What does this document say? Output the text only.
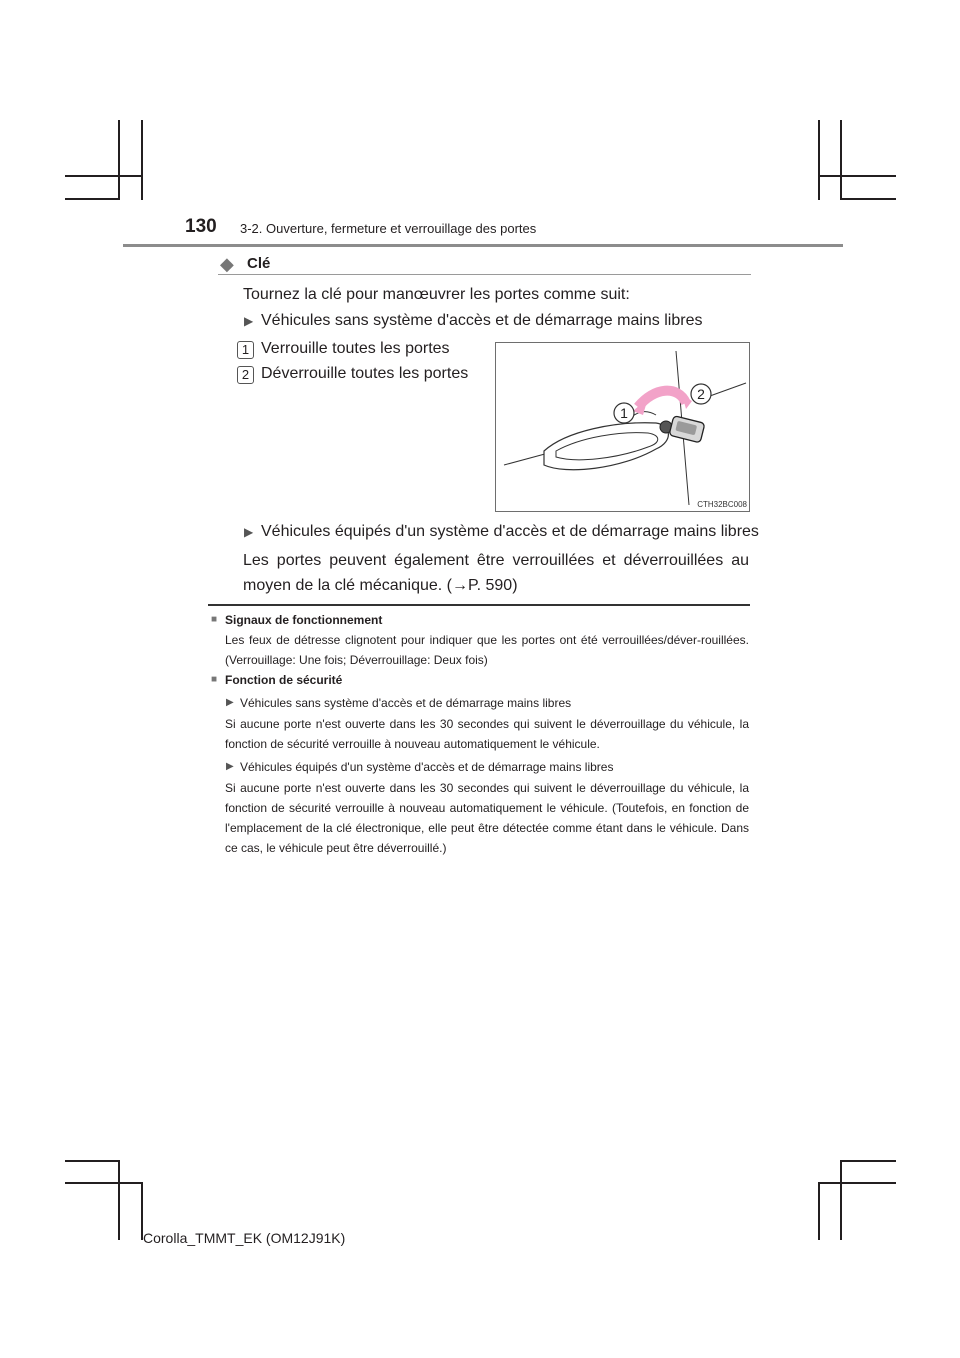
130 3-2. Ouverture, fermeture et verrouillage des portes
◆ Clé
Tournez la clé pour manœuvrer les portes comme suit:
▶ Véhicules sans système d'accès et de démarrage mains libres
1 Verrouille toutes les portes
2 Déverrouille toutes les portes
1
2
CTH32BC008
▶ Véhicules équipés d'un système d'accès et de démarrage mains libres
Les portes peuvent également être verrouillées et déverrouillées au moyen de la clé mécanique. (→P. 590)
■ Signaux de fonctionnement
Les feux de détresse clignotent pour indiquer que les portes ont été verrouillées/déver-rouillées. (Verrouillage: Une fois; Déverrouillage: Deux fois)
■ Fonction de sécurité
▶ Véhicules sans système d'accès et de démarrage mains libres
Si aucune porte n'est ouverte dans les 30 secondes qui suivent le déverrouillage du véhicule, la fonction de sécurité verrouille à nouveau automatiquement le véhicule.
▶ Véhicules équipés d'un système d'accès et de démarrage mains libres
Si aucune porte n'est ouverte dans les 30 secondes qui suivent le déverrouillage du véhicule, la fonction de sécurité verrouille à nouveau automatiquement le véhicule. (Toutefois, en fonction de l'emplacement de la clé électronique, elle peut être détectée comme étant dans le véhicule. Dans ce cas, le véhicule peut être déverrouillé.)
Corolla_TMMT_EK (OM12J91K)
